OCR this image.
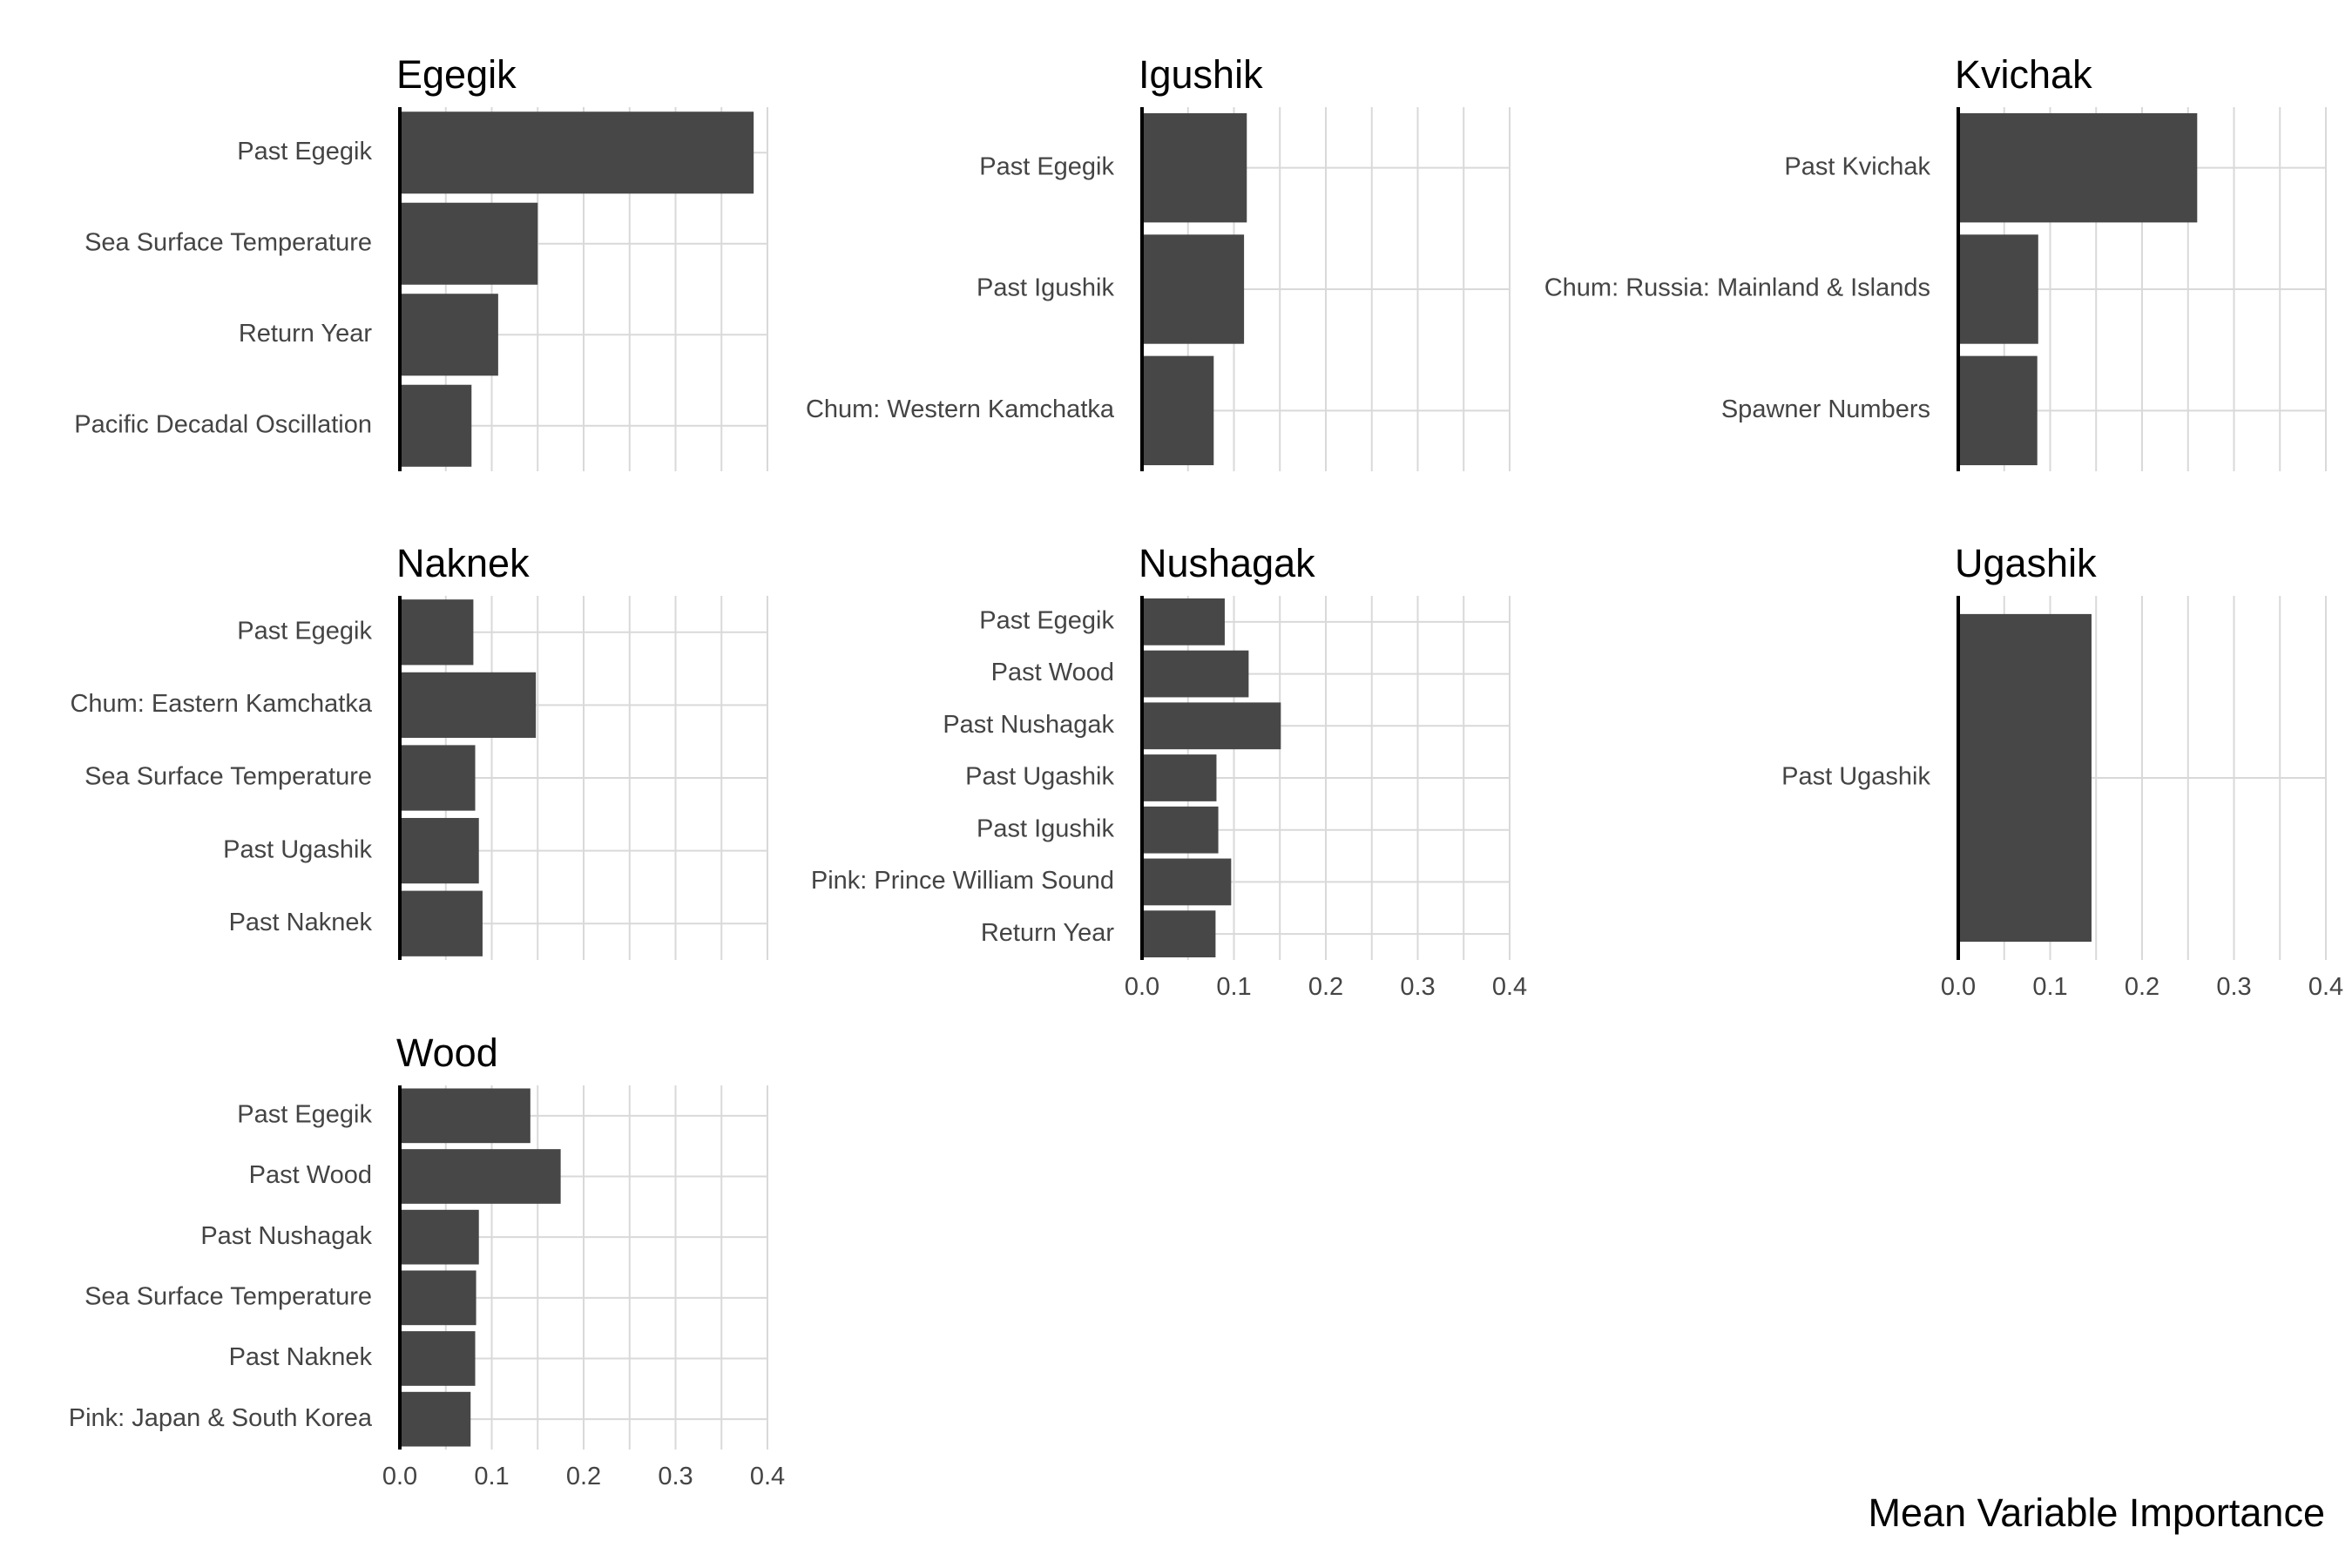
Egegik
Past Egegik
Sea Surface Temperature
Return Year
Pacific Decadal Oscillation
Igushik
Past Egegik
Past Igushik
Chum: Western Kamchatka
Kvichak
Past Kvichak
Chum: Russia: Mainland & Islands
Spawner Numbers
Naknek
Past Egegik
Chum: Eastern Kamchatka
Sea Surface Temperature
Past Ugashik
Past Naknek
Nushagak
Past Egegik
Past Wood
Past Nushagak
Past Ugashik
Past Igushik
Pink: Prince William Sound
Return Year
0.0 0.1 0.2 0.3 0.4
Ugashik
Past Ugashik
0.0 0.1 0.2 0.3 0.4
Wood
Past Egegik
Past Wood
Past Nushagak
Sea Surface Temperature
Past Naknek
Pink: Japan & South Korea
0.0 0.1 0.2 0.3 0.4
Mean Variable Importance
